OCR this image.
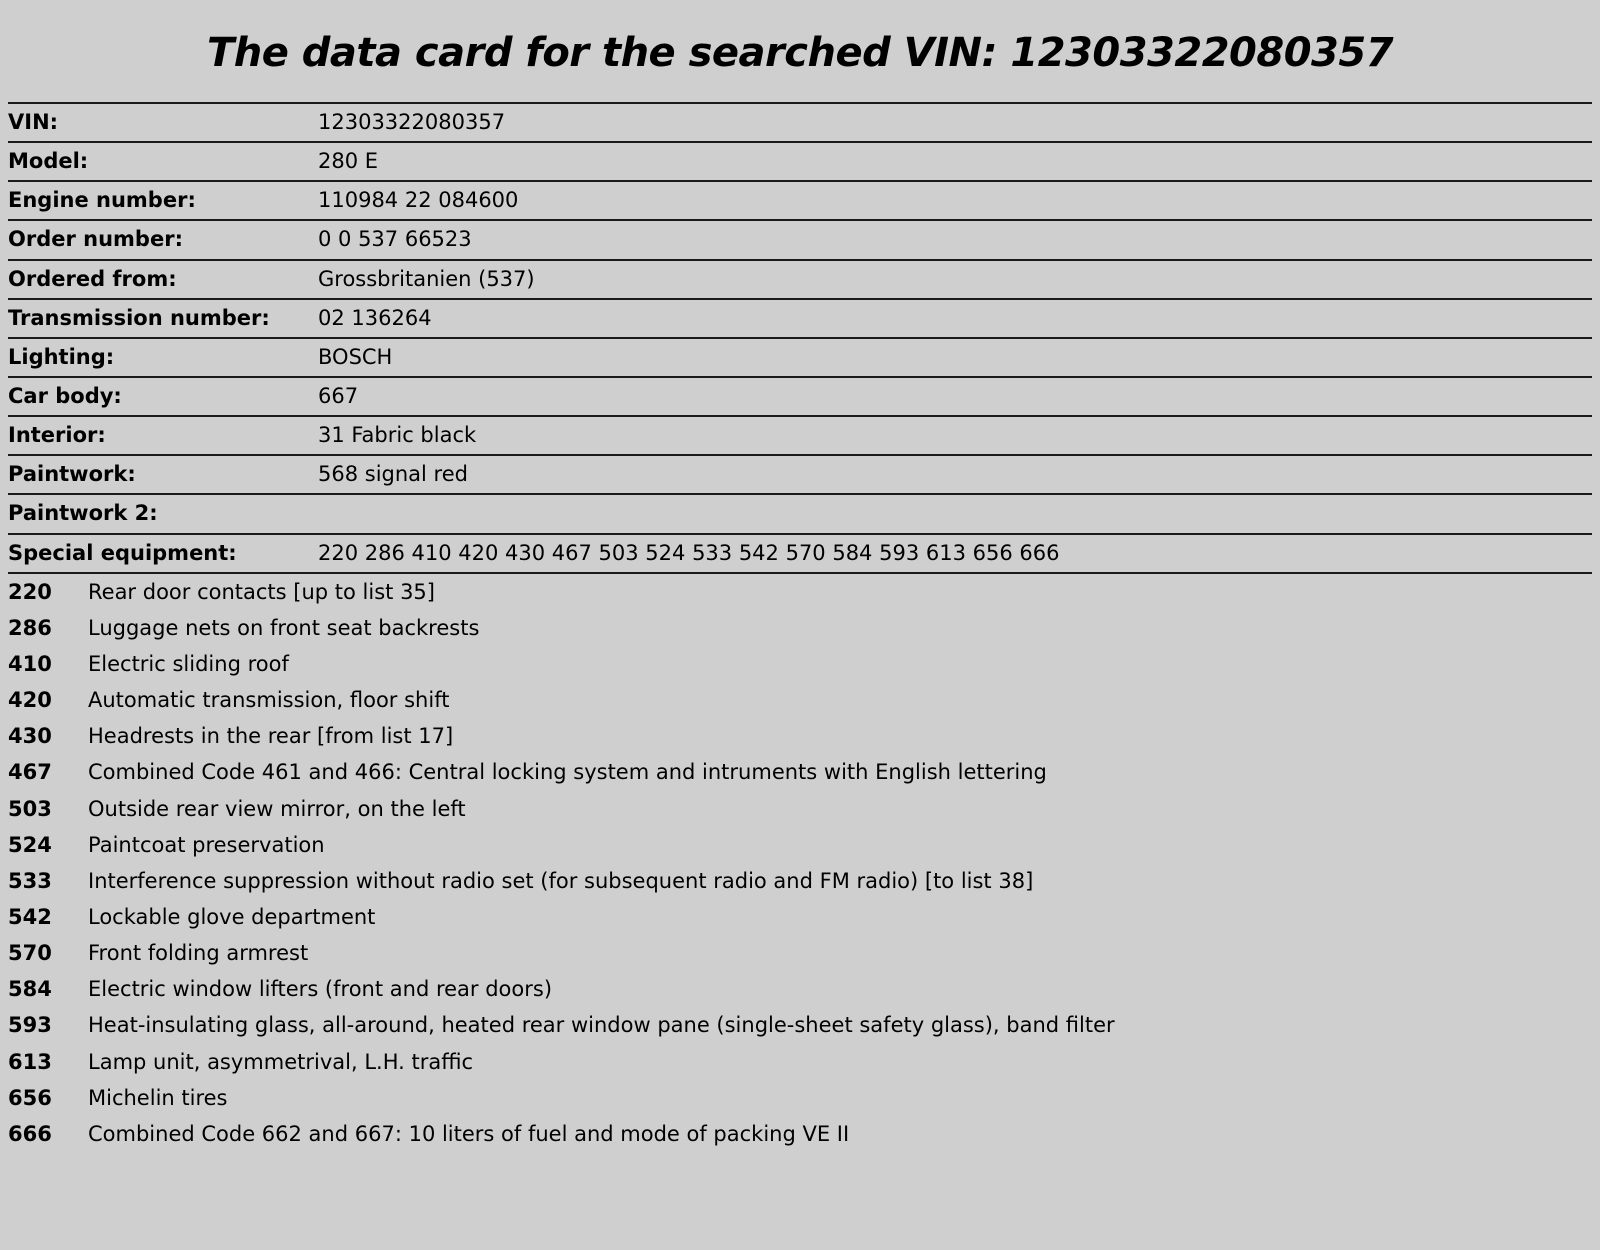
The data card for the searched VIN: 12303322080357
VIN:	12303322080357
Model:	280 E
Engine number:	110984 22 084600
Order number:	0 0 537 66523
Ordered from:	Grossbritanien (537)
Transmission number:	02 136264
Lighting:	BOSCH
Car body:	667
Interior:	31 Fabric black
Paintwork:	568 signal red
Paintwork 2:	
Special equipment:	220 286 410 420 430 467 503 524 533 542 570 584 593 613 656 666
220	Rear door contacts [up to list 35]
286	Luggage nets on front seat backrests
410	Electric sliding roof
420	Automatic transmission, floor shift
430	Headrests in the rear [from list 17]
467	Combined Code 461 and 466: Central locking system and intruments with English lettering
503	Outside rear view mirror, on the left
524	Paintcoat preservation
533	Interference suppression without radio set (for subsequent radio and FM radio) [to list 38]
542	Lockable glove department
570	Front folding armrest
584	Electric window lifters (front and rear doors)
593	Heat-insulating glass, all-around, heated rear window pane (single-sheet safety glass), band filter
613	Lamp unit, asymmetrival, L.H. traffic
656	Michelin tires
666	Combined Code 662 and 667: 10 liters of fuel and mode of packing VE II
